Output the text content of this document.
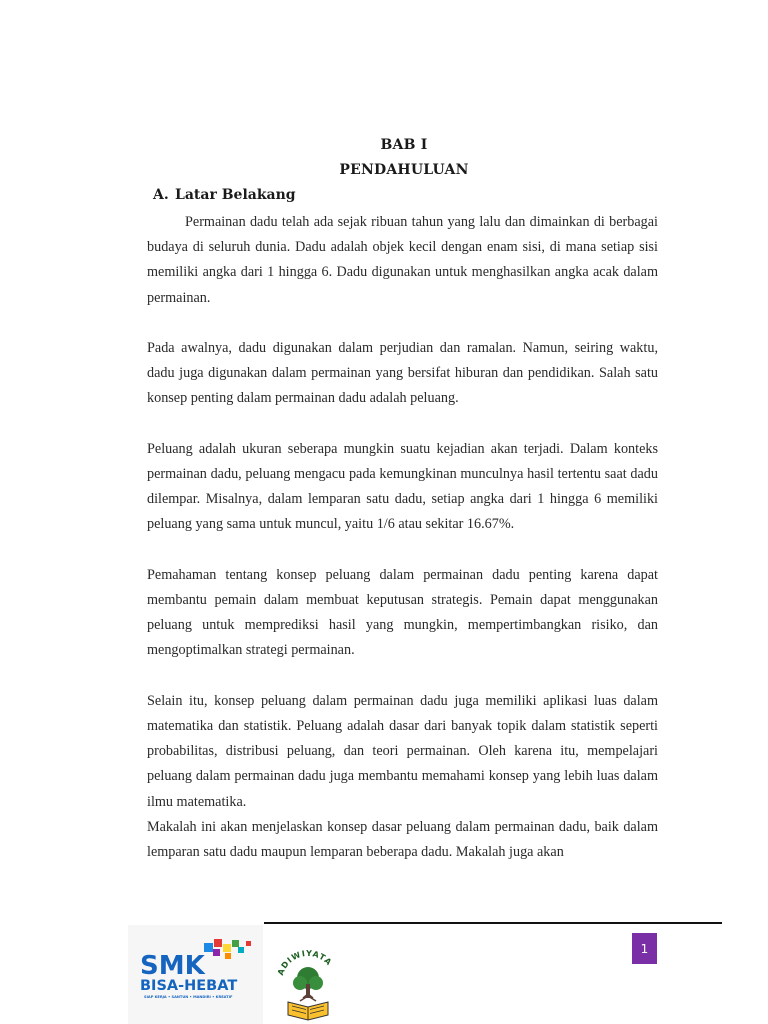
BAB I
PENDAHULUAN
A. Latar Belakang

Permainan dadu telah ada sejak ribuan tahun yang lalu dan dimainkan di berbagai budaya di seluruh dunia. Dadu adalah objek kecil dengan enam sisi, di mana setiap sisi memiliki angka dari 1 hingga 6. Dadu digunakan untuk menghasilkan angka acak dalam permainan.

Pada awalnya, dadu digunakan dalam perjudian dan ramalan. Namun, seiring waktu, dadu juga digunakan dalam permainan yang bersifat hiburan dan pendidikan. Salah satu konsep penting dalam permainan dadu adalah peluang.

Peluang adalah ukuran seberapa mungkin suatu kejadian akan terjadi. Dalam konteks permainan dadu, peluang mengacu pada kemungkinan munculnya hasil tertentu saat dadu dilempar. Misalnya, dalam lemparan satu dadu, setiap angka dari 1 hingga 6 memiliki peluang yang sama untuk muncul, yaitu 1/6 atau sekitar 16.67%.

Pemahaman tentang konsep peluang dalam permainan dadu penting karena dapat membantu pemain dalam membuat keputusan strategis. Pemain dapat menggunakan peluang untuk memprediksi hasil yang mungkin, mempertimbangkan risiko, dan mengoptimalkan strategi permainan.

Selain itu, konsep peluang dalam permainan dadu juga memiliki aplikasi luas dalam matematika dan statistik. Peluang adalah dasar dari banyak topik dalam statistik seperti probabilitas, distribusi peluang, dan teori permainan. Oleh karena itu, mempelajari peluang dalam permainan dadu juga membantu memahami konsep yang lebih luas dalam ilmu matematika.

Makalah ini akan menjelaskan konsep dasar peluang dalam permainan dadu, baik dalam lemparan satu dadu maupun lemparan beberapa dadu. Makalah juga akan

1
SMK
BISA-HEBAT
SIAP KERJA • SANTUN • MANDIRI • KREATIF
ADIWIYATA
